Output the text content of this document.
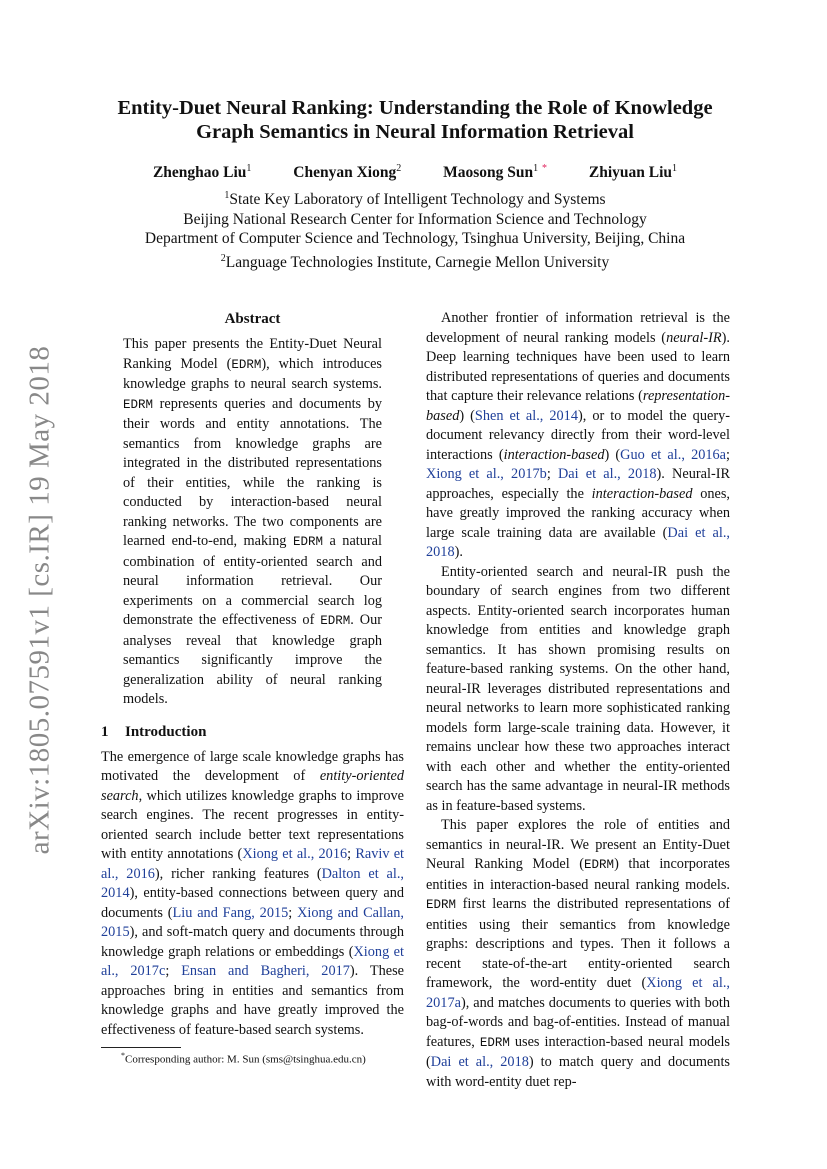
arXiv:1805.07591v1 [cs.IR] 19 May 2018
Entity-Duet Neural Ranking: Understanding the Role of Knowledge
Graph Semantics in Neural Information Retrieval
Zhenghao Liu$^1$	Chenyan Xiong$^2$	Maosong Sun$^1$ *	Zhiyuan Liu$^1$
$^1$State Key Laboratory of Intelligent Technology and Systems
Beijing National Research Center for Information Science and Technology
Department of Computer Science and Technology, Tsinghua University, Beijing, China
$^2$Language Technologies Institute, Carnegie Mellon University
Abstract

This paper presents the Entity-Duet Neural Ranking Model (EDRM), which introduces knowledge graphs to neural search systems. EDRM represents queries and documents by their words and entity annotations. The semantics from knowledge graphs are integrated in the distributed representations of their entities, while the ranking is conducted by interaction-based neural ranking networks. The two components are learned end-to-end, making EDRM a natural combination of entity-oriented search and neural information retrieval. Our experiments on a commercial search log demonstrate the effectiveness of EDRM. Our analyses reveal that knowledge graph semantics significantly improve the generalization ability of neural ranking models.

1 Introduction

The emergence of large scale knowledge graphs has motivated the development of entity-oriented search, which utilizes knowledge graphs to improve search engines. The recent progresses in entity-oriented search include better text representations with entity annotations (Xiong et al., 2016; Raviv et al., 2016), richer ranking features (Dalton et al., 2014), entity-based connections between query and documents (Liu and Fang, 2015; Xiong and Callan, 2015), and soft-match query and documents through knowledge graph relations or embeddings (Xiong et al., 2017c; Ensan and Bagheri, 2017). These approaches bring in entities and semantics from knowledge graphs and have greatly improved the effectiveness of feature-based search systems.

Another frontier of information retrieval is the development of neural ranking models (neural-IR). Deep learning techniques have been used to learn distributed representations of queries and documents that capture their relevance relations (representation-based) (Shen et al., 2014), or to model the query-document relevancy directly from their word-level interactions (interaction-based) (Guo et al., 2016a; Xiong et al., 2017b; Dai et al., 2018). Neural-IR approaches, especially the interaction-based ones, have greatly improved the ranking accuracy when large scale training data are available (Dai et al., 2018).

Entity-oriented search and neural-IR push the boundary of search engines from two different aspects. Entity-oriented search incorporates human knowledge from entities and knowledge graph semantics. It has shown promising results on feature-based ranking systems. On the other hand, neural-IR leverages distributed representations and neural networks to learn more sophisticated ranking models form large-scale training data. However, it remains unclear how these two approaches interact with each other and whether the entity-oriented search has the same advantage in neural-IR methods as in feature-based systems.

This paper explores the role of entities and semantics in neural-IR. We present an Entity-Duet Neural Ranking Model (EDRM) that incorporates entities in interaction-based neural ranking models. EDRM first learns the distributed representations of entities using their semantics from knowledge graphs: descriptions and types. Then it follows a recent state-of-the-art entity-oriented search framework, the word-entity duet (Xiong et al., 2017a), and matches documents to queries with both bag-of-words and bag-of-entities. Instead of manual features, EDRM uses interaction-based neural models (Dai et al., 2018) to match query and documents with word-entity duet rep-

*Corresponding author: M. Sun (sms@tsinghua.edu.cn)
